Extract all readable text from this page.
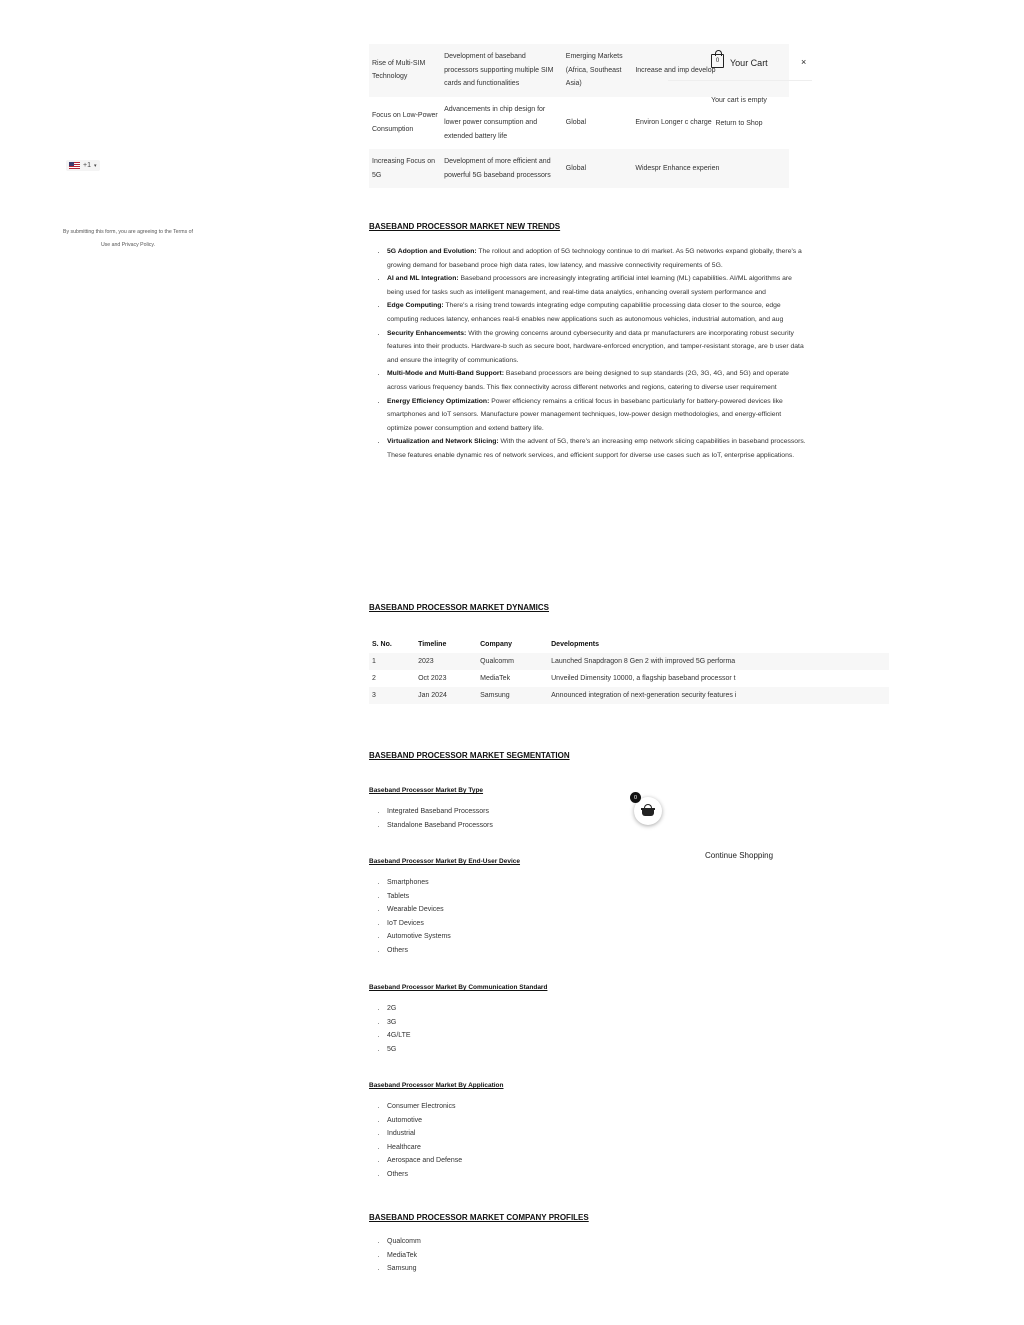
+1 ▾
By submitting this form, you are agreeing to the Terms of Use and Privacy Policy.
Rise of Multi-SIM Technology	Development of baseband processors supporting multiple SIM cards and functionalities	Emerging Markets (Africa, Southeast Asia)	Increase and imp develop
Focus on Low-Power Consumption	Advancements in chip design for lower power consumption and extended battery life	Global	Environ Longer c charge
Increasing Focus on 5G	Development of more efficient and powerful 5G baseband processors	Global	Widespr Enhance experien
BASEBAND PROCESSOR MARKET NEW TRENDS
• 5G Adoption and Evolution: The rollout and adoption of 5G technology continue to dri market. As 5G networks expand globally, there's a growing demand for baseband proce high data rates, low latency, and massive connectivity requirements of 5G.
• AI and ML Integration: Baseband processors are increasingly integrating artificial intel learning (ML) capabilities. AI/ML algorithms are being used for tasks such as intelligent management, and real-time data analytics, enhancing overall system performance and
• Edge Computing: There's a rising trend towards integrating edge computing capabilitie processing data closer to the source, edge computing reduces latency, enhances real-ti enables new applications such as autonomous vehicles, industrial automation, and aug
• Security Enhancements: With the growing concerns around cybersecurity and data pr manufacturers are incorporating robust security features into their products. Hardware-b such as secure boot, hardware-enforced encryption, and tamper-resistant storage, are b user data and ensure the integrity of communications.
• Multi-Mode and Multi-Band Support: Baseband processors are being designed to sup standards (2G, 3G, 4G, and 5G) and operate across various frequency bands. This flex connectivity across different networks and regions, catering to diverse user requirement
• Energy Efficiency Optimization: Power efficiency remains a critical focus in basebanc particularly for battery-powered devices like smartphones and IoT sensors. Manufacture power management techniques, low-power design methodologies, and energy-efficient optimize power consumption and extend battery life.
• Virtualization and Network Slicing: With the advent of 5G, there's an increasing emp network slicing capabilities in baseband processors. These features enable dynamic res of network services, and efficient support for diverse use cases such as IoT, enterprise applications.
BASEBAND PROCESSOR MARKET DYNAMICS
S. No.	Timeline	Company	Developments
1	2023	Qualcomm	Launched Snapdragon 8 Gen 2 with improved 5G performa
2	Oct 2023	MediaTek	Unveiled Dimensity 10000, a flagship baseband processor t
3	Jan 2024	Samsung	Announced integration of next-generation security features i
BASEBAND PROCESSOR MARKET SEGMENTATION
Baseband Processor Market By Type
• Integrated Baseband Processors
• Standalone Baseband Processors
Baseband Processor Market By End-User Device
• Smartphones
• Tablets
• Wearable Devices
• IoT Devices
• Automotive Systems
• Others
Baseband Processor Market By Communication Standard
• 2G
• 3G
• 4G/LTE
• 5G
Baseband Processor Market By Application
• Consumer Electronics
• Automotive
• Industrial
• Healthcare
• Aerospace and Defense
• Others
BASEBAND PROCESSOR MARKET COMPANY PROFILES
• Qualcomm
• MediaTek
• Samsung
0 Your Cart	×
Your cart is empty
Return to Shop
Continue Shopping
0
